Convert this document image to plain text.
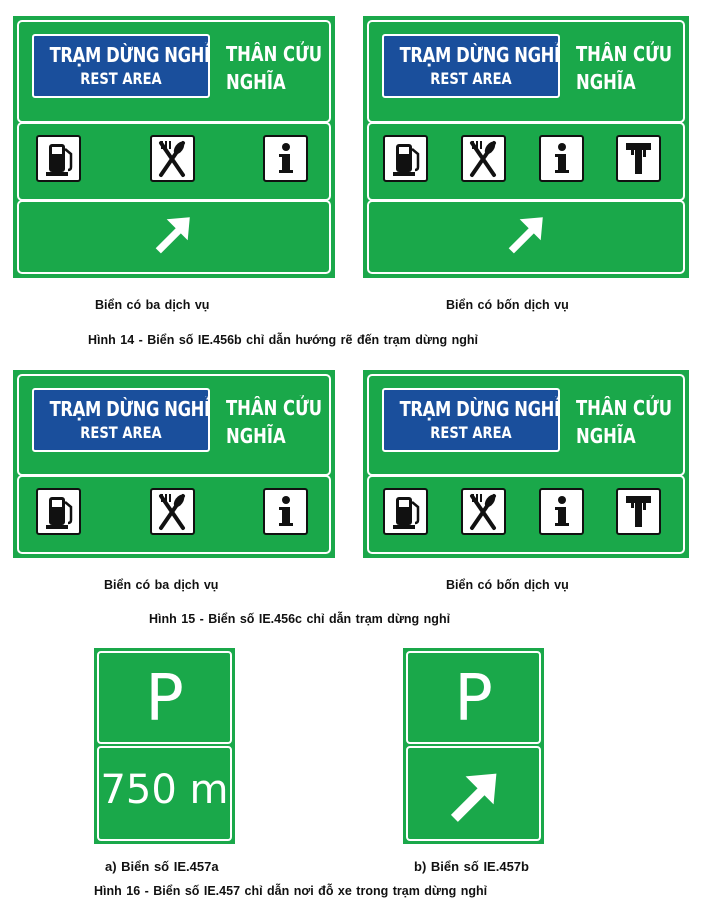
TRẠM DỪNG NGHỈ
REST AREA
THÂN CỬU
NGHĨA
TRẠM DỪNG NGHỈ
REST AREA
THÂN CỬU
NGHĨA
Biển có ba dịch vụ	Biển có bốn dịch vụ
Hình 14 - Biển số IE.456b chỉ dẫn hướng rẽ đến trạm dừng nghỉ
TRẠM DỪNG NGHỈ
REST AREA
THÂN CỬU
NGHĨA
TRẠM DỪNG NGHỈ
REST AREA
THÂN CỬU
NGHĨA
Biển có ba dịch vụ	Biển có bốn dịch vụ
Hình 15 - Biển số IE.456c chỉ dẫn trạm dừng nghỉ
P
750 m
P
a) Biển số IE.457a	b) Biển số IE.457b
Hình 16 - Biển số IE.457 chỉ dẫn nơi đỗ xe trong trạm dừng nghỉ
